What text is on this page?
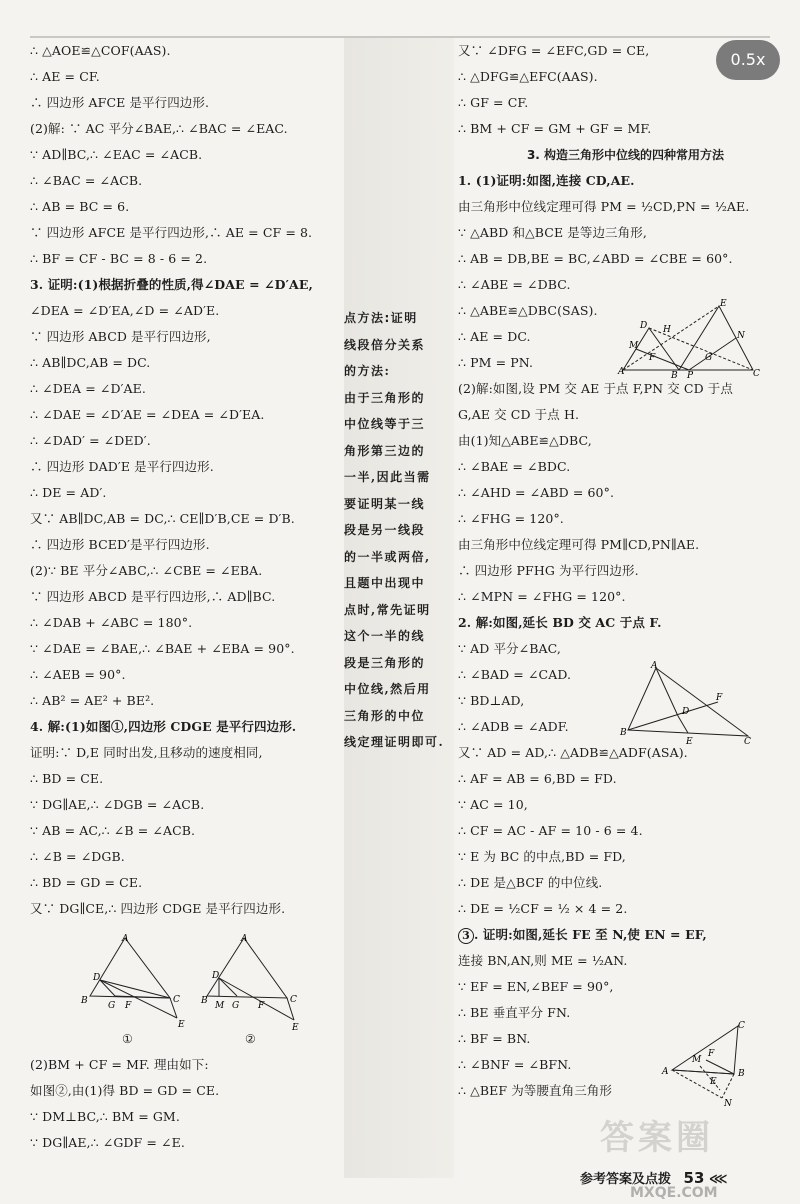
∴ △AOE≌△COF(AAS).
∴ AE = CF.
∴ 四边形 AFCE 是平行四边形.
(2)解: ∵ AC 平分∠BAE,∴ ∠BAC = ∠EAC.
∵ AD∥BC,∴ ∠EAC = ∠ACB.
∴ ∠BAC = ∠ACB.
∴ AB = BC = 6.
∵ 四边形 AFCE 是平行四边形,∴ AE = CF = 8.
∴ BF = CF - BC = 8 - 6 = 2.
3. 证明:(1)根据折叠的性质,得∠DAE = ∠D′AE,
∠DEA = ∠D′EA,∠D = ∠AD′E.
∵ 四边形 ABCD 是平行四边形,
∴ AB∥DC,AB = DC.
∴ ∠DEA = ∠D′AE.
∴ ∠DAE = ∠D′AE = ∠DEA = ∠D′EA.
∴ ∠DAD′ = ∠DED′.
∴ 四边形 DAD′E 是平行四边形.
∴ DE = AD′.
又∵ AB∥DC,AB = DC,∴ CE∥D′B,CE = D′B.
∴ 四边形 BCED′是平行四边形.
(2)∵ BE 平分∠ABC,∴ ∠CBE = ∠EBA.
∵ 四边形 ABCD 是平行四边形,∴ AD∥BC.
∴ ∠DAB + ∠ABC = 180°.
∵ ∠DAE = ∠BAE,∴ ∠BAE + ∠EBA = 90°.
∴ ∠AEB = 90°.
∴ AB² = AE² + BE².
4. 解:(1)如图①,四边形 CDGE 是平行四边形.
证明:∵ D,E 同时出发,且移动的速度相同,
∴ BD = CE.
∵ DG∥AE,∴ ∠DGB = ∠ACB.
∵ AB = AC,∴ ∠B = ∠ACB.
∴ ∠B = ∠DGB.
∴ BD = GD = CE.
又∵ DG∥CE,∴ 四边形 CDGE 是平行四边形.
A
D
B G F
C
E
A
D
B M G F
C
E
①	②
(2)BM + CF = MF. 理由如下:
如图②,由(1)得 BD = GD = CE.
∵ DM⊥BC,∴ BM = GM.
∵ DG∥AE,∴ ∠GDF = ∠E.
点方法:证明
线段倍分关系
的方法:
由于三角形的
中位线等于三
角形第三边的
一半,因此当需
要证明某一线
段是另一线段
的一半或两倍,
且题中出现中
点时,常先证明
这个一半的线
段是三角形的
中位线,然后用
三角形的中位
线定理证明即可.
又∵ ∠DFG = ∠EFC,GD = CE,
∴ △DFG≌△EFC(AAS).
∴ GF = CF.
∴ BM + CF = GM + GF = MF.
3. 构造三角形中位线的四种常用方法
1. (1)证明:如图,连接 CD,AE.
由三角形中位线定理可得 PM = ½CD,PN = ½AE.
∵ △ABD 和△BCE 是等边三角形,
∴ AB = DB,BE = BC,∠ABD = ∠CBE = 60°.
∴ ∠ABE = ∠DBC.
∴ △ABE≌△DBC(SAS).
∴ AE = DC.
∴ PM = PN.
(2)解:如图,设 PM 交 AE 于点 F,PN 交 CD 于点
G,AE 交 CD 于点 H.
由(1)知△ABE≌△DBC,
∴ ∠BAE = ∠BDC.
∴ ∠AHD = ∠ABD = 60°.
∴ ∠FHG = 120°.
由三角形中位线定理可得 PM∥CD,PN∥AE.
∴ 四边形 PFHG 为平行四边形.
∴ ∠MPN = ∠FHG = 120°.
2. 解:如图,延长 BD 交 AC 于点 F.
∵ AD 平分∠BAC,
∴ ∠BAD = ∠CAD.
∵ BD⊥AD,
∴ ∠ADB = ∠ADF.
又∵ AD = AD,∴ △ADB≌△ADF(ASA).
∴ AF = AB = 6,BD = FD.
∵ AC = 10,
∴ CF = AC - AF = 10 - 6 = 4.
∵ E 为 BC 的中点,BD = FD,
∴ DE 是△BCF 的中位线.
∴ DE = ½CF = ½ × 4 = 2.
3 . 证明:如图,延长 FE 至 N,使 EN = EF,
连接 BN,AN,则 ME = ½AN.
∵ EF = EN,∠BEF = 90°,
∴ BE 垂直平分 FN.
∴ BF = BN.
∴ ∠BNF = ∠BFN.
∴ △BEF 为等腰直角三角形
A
D H
M
F	G
B P
E
N
C
A
D
F
B
E	C
C
A	B
M
F
E
N
0.5x
答案圈
参考答案及点拨 53 ⋘
MXQE.COM
